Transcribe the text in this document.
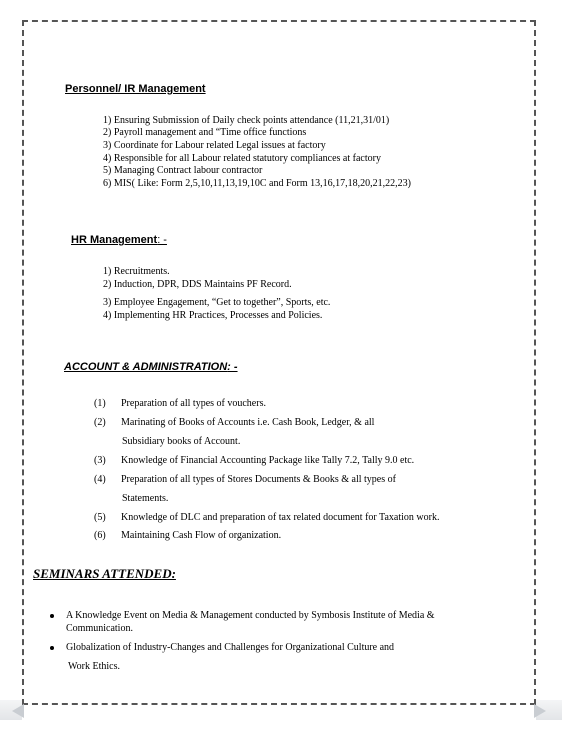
Personnel/ IR Management
1) Ensuring Submission of Daily check points attendance (11,21,31/01)
2) Payroll management and “Time office functions
3) Coordinate for Labour related Legal issues at factory
4) Responsible for all Labour related statutory compliances at factory
5) Managing Contract labour contractor
6) MIS( Like: Form 2,5,10,11,13,19,10C and Form 13,16,17,18,20,21,22,23)
HR Management: -
1) Recruitments.
2) Induction, DPR, DDS Maintains PF Record.
3) Employee Engagement, “Get to together”, Sports, etc.
4) Implementing HR Practices, Processes and Policies.
ACCOUNT & ADMINISTRATION: -
(1) Preparation of all types of vouchers.
(2) Marinating of Books of Accounts i.e. Cash Book, Ledger, & all
Subsidiary books of Account.
(3) Knowledge of Financial Accounting Package like Tally 7.2, Tally 9.0 etc.
(4) Preparation of all types of Stores Documents & Books & all types of
Statements.
(5) Knowledge of DLC and preparation of tax related document for Taxation work.
(6) Maintaining Cash Flow of organization.
SEMINARS ATTENDED:
A Knowledge Event on Media & Management conducted by Symbosis Institute of Media &
Communication.
Globalization of Industry-Changes and Challenges for Organizational Culture and
Work Ethics.
